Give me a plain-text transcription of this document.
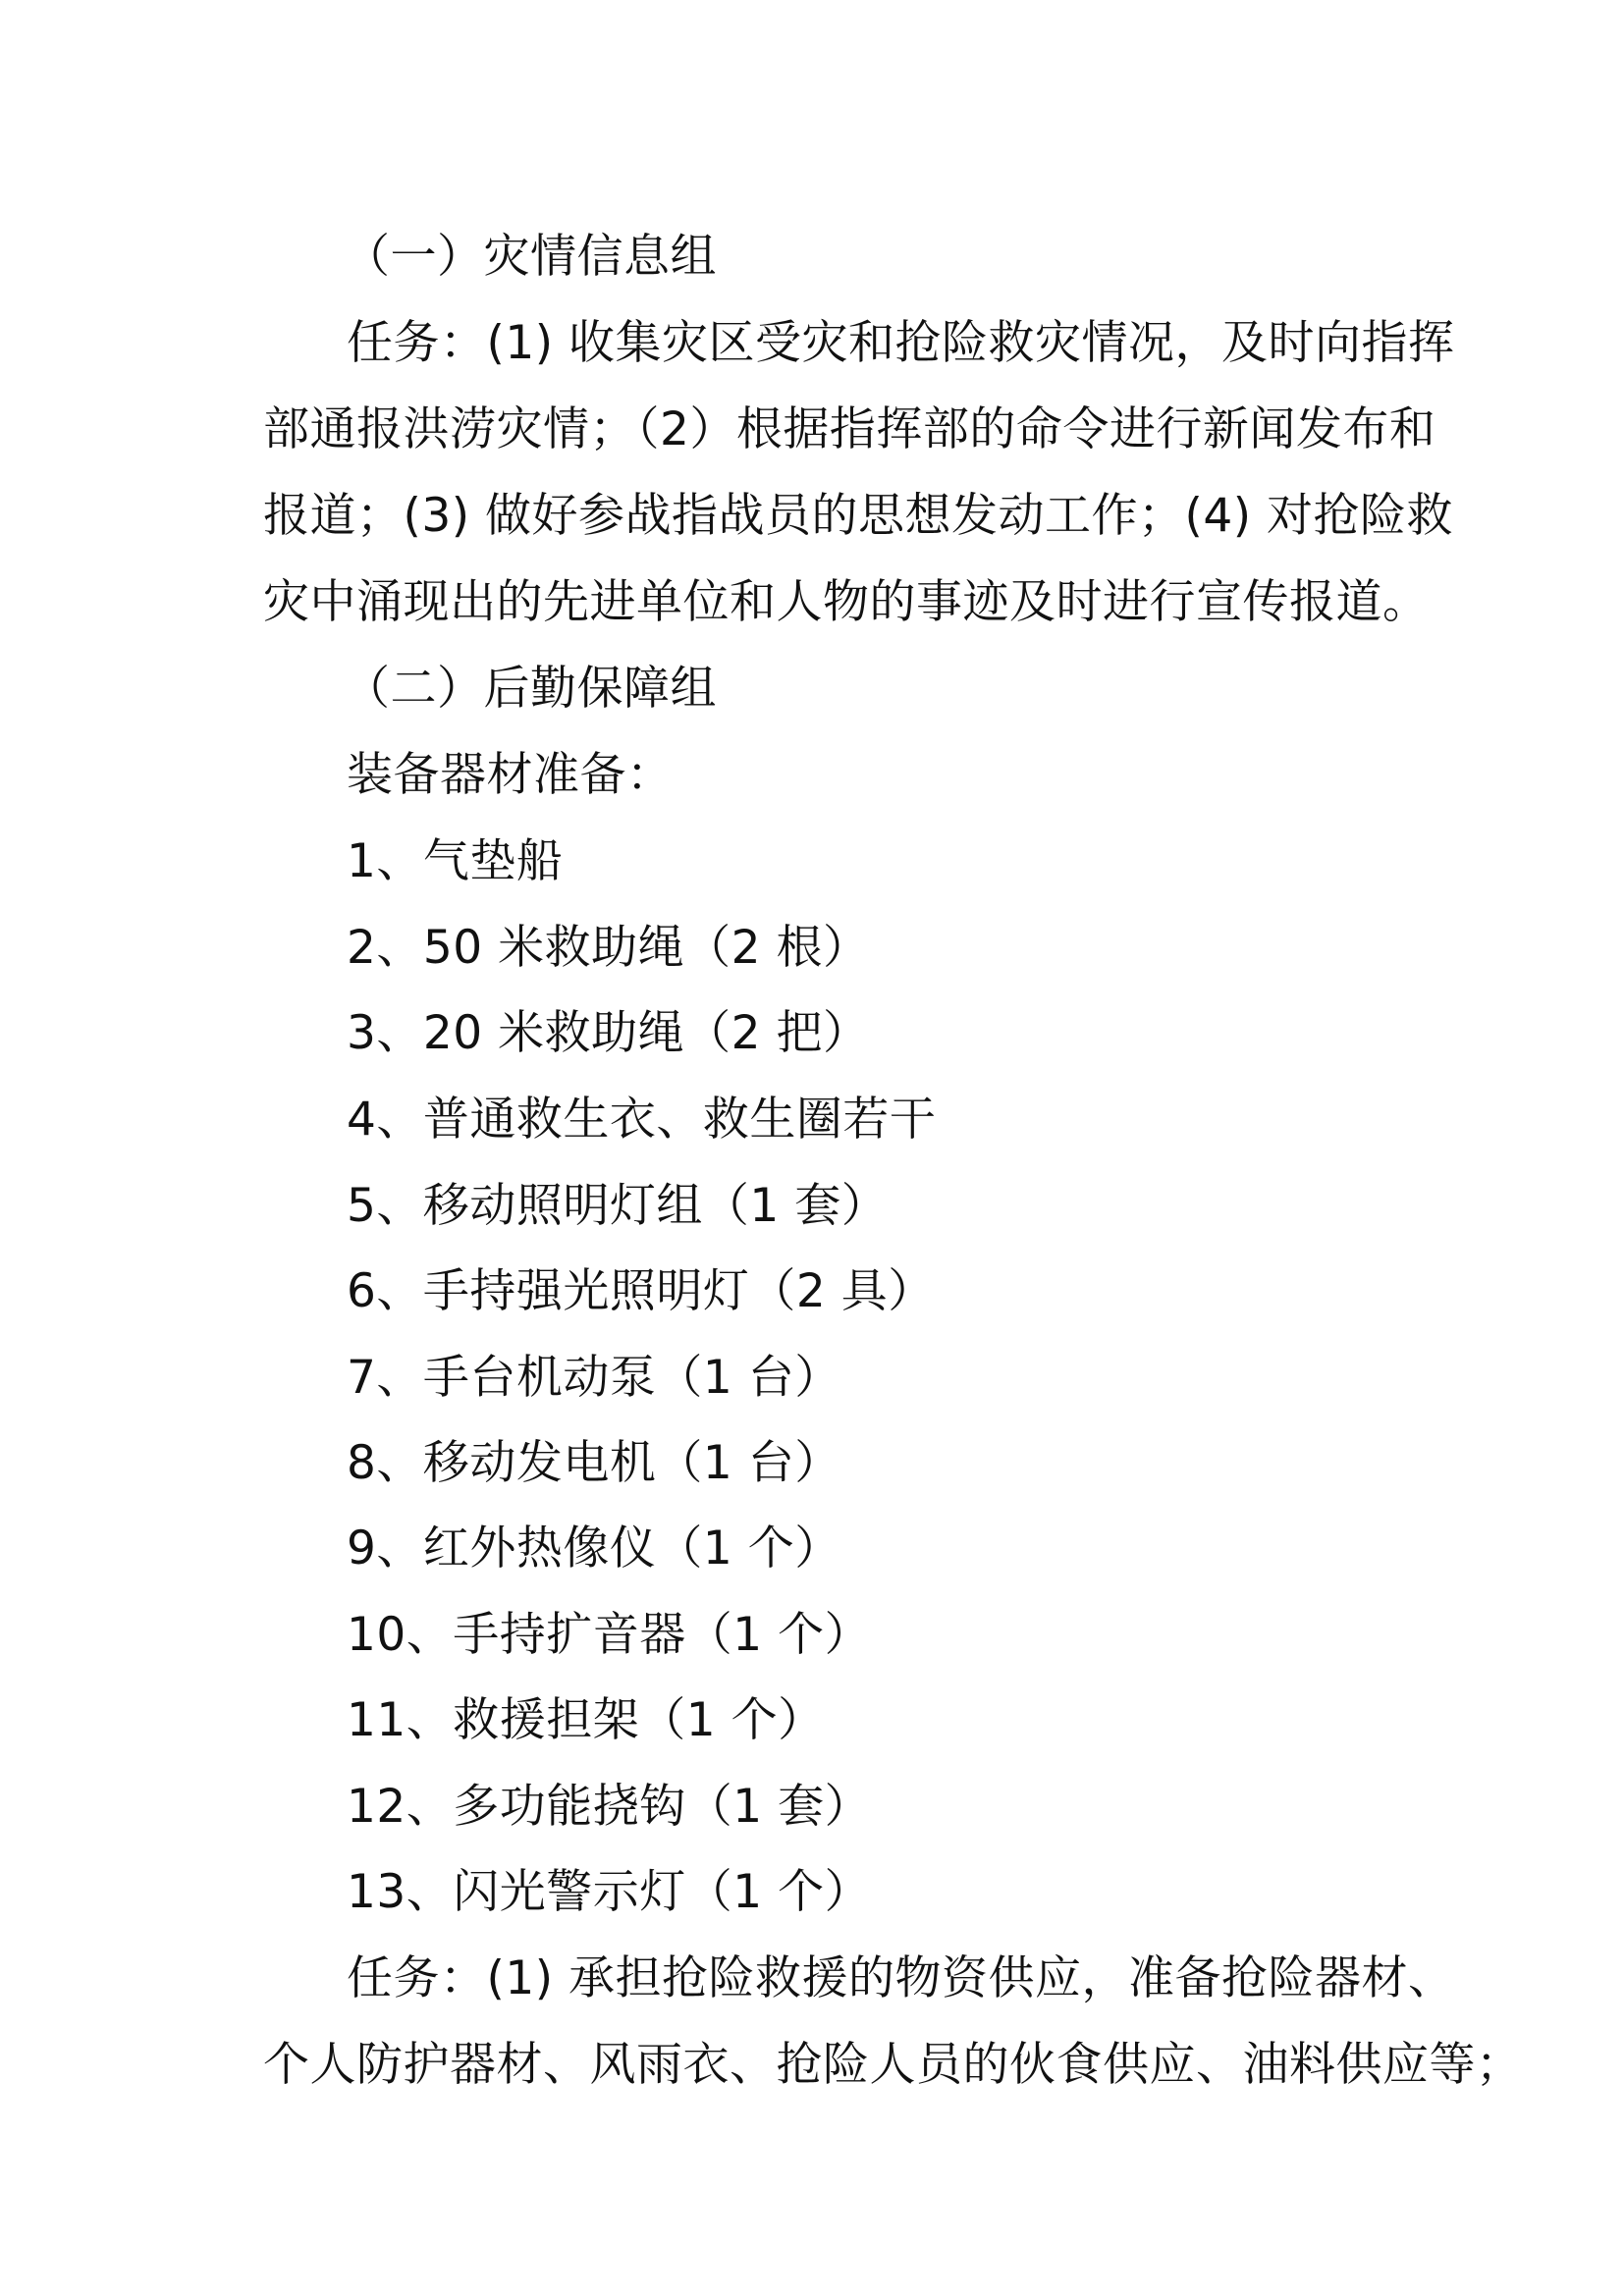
（一）灾情信息组
任务：(1) 收集灾区受灾和抢险救灾情况，及时向指挥
部通报洪涝灾情；（2）根据指挥部的命令进行新闻发布和
报道；(3) 做好参战指战员的思想发动工作；(4) 对抢险救
灾中涌现出的先进单位和人物的事迹及时进行宣传报道。
（二）后勤保障组
装备器材准备：
1、气垫船
2、50 米救助绳（2 根）
3、20 米救助绳（2 把）
4、普通救生衣、救生圈若干
5、移动照明灯组（1 套）
6、手持强光照明灯（2 具）
7、手台机动泵（1 台）
8、移动发电机（1 台）
9、红外热像仪（1 个）
10、手持扩音器（1 个）
11、救援担架（1 个）
12、多功能挠钩（1 套）
13、闪光警示灯（1 个）
任务：(1) 承担抢险救援的物资供应，准备抢险器材、
个人防护器材、风雨衣、抢险人员的伙食供应、油料供应等；
